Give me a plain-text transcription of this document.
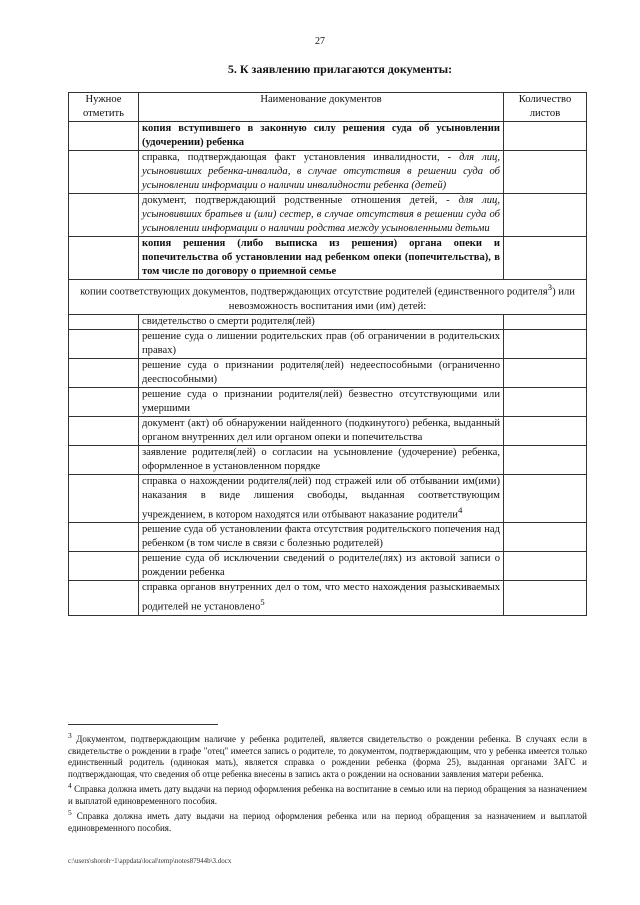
27
5. К заявлению прилагаются документы:
Нужное отметить	Наименование документов	Количество листов
	копия вступившего в законную силу решения суда об усыновлении (удочерении) ребенка	
	справка, подтверждающая факт установления инвалидности, - для лиц, усыновивших ребенка-инвалида, в случае отсутствия в решении суда об усыновлении информации о наличии инвалидности ребенка (детей)	
	документ, подтверждающий родственные отношения детей, - для лиц, усыновивших братьев и (или) сестер, в случае отсутствия в решении суда об усыновлении информации о наличии родства между усыновленными детьми	
	копия решения (либо выписка из решения) органа опеки и попечительства об установлении над ребенком опеки (попечительства), в том числе по договору о приемной семье	
копии соответствующих документов, подтверждающих отсутствие родителей (единственного родителя$^3$) или невозможность воспитания ими (им) детей:		
	свидетельство о смерти родителя(лей)	
	решение суда о лишении родительских прав (об ограничении в родительских правах)	
	решение суда о признании родителя(лей) недееспособными (ограниченно дееспособными)	
	решение суда о признании родителя(лей) безвестно отсутствующими или умершими	
	документ (акт) об обнаружении найденного (подкинутого) ребенка, выданный органом внутренних дел или органом опеки и попечительства	
	заявление родителя(лей) о согласии на усыновление (удочерение) ребенка, оформленное в установленном порядке	
	справка о нахождении родителя(лей) под стражей или об отбывании им(ими) наказания в виде лишения свободы, выданная соответствующим учреждением, в котором находятся или отбывают наказание родители$^4$	
	решение суда об установлении факта отсутствия родительского попечения над ребенком (в том числе в связи с болезнью родителей)	
	решение суда об исключении сведений о родителе(лях) из актовой записи о рождении ребенка	
	справка органов внутренних дел о том, что место нахождения разыскиваемых родителей не установлено$^5$	

$^3$ Документом, подтверждающим наличие у ребенка родителей, является свидетельство о рождении ребенка. В случаях если в свидетельстве о рождении в графе "отец" имеется запись о родителе, то документом, подтверждающим, что у ребенка имеется только единственный родитель (одинокая мать), является справка о рождении ребенка (форма 25), выданная органами ЗАГС и подтверждающая, что сведения об отце ребенка внесены в запись акта о рождении на основании заявления матери ребенка.

$^4$ Справка должна иметь дату выдачи на период оформления ребенка на воспитание в семью или на период обращения за назначением и выплатой единовременного пособия.

$^5$ Справка должна иметь дату выдачи на период оформления ребенка или на период обращения за назначением и выплатой единовременного пособия.

c:\users\shoroh~1\appdata\local\temp\notes87944b\3.docx
